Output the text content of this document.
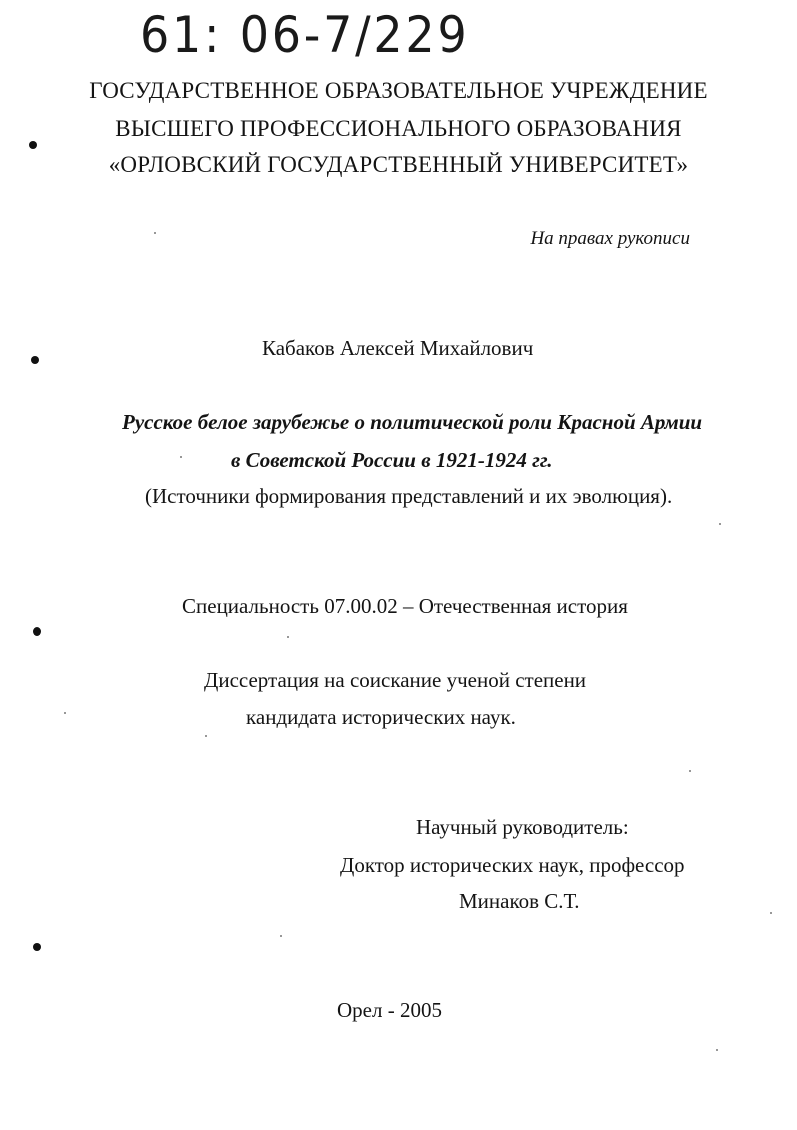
61: 06-7/229
ГОСУДАРСТВЕННОЕ ОБРАЗОВАТЕЛЬНОЕ УЧРЕЖДЕНИЕ
ВЫСШЕГО ПРОФЕССИОНАЛЬНОГО ОБРАЗОВАНИЯ
«ОРЛОВСКИЙ ГОСУДАРСТВЕННЫЙ УНИВЕРСИТЕТ»
На правах рукописи
Кабаков Алексей Михайлович
Русское белое зарубежье о политической роли Красной Армии
в Советской России в 1921-1924 гг.
(Источники формирования представлений и их эволюция).
Специальность 07.00.02 – Отечественная история
Диссертация на соискание ученой степени
кандидата исторических наук.
Научный руководитель:
Доктор исторических наук, профессор
Минаков С.Т.
Орел - 2005
